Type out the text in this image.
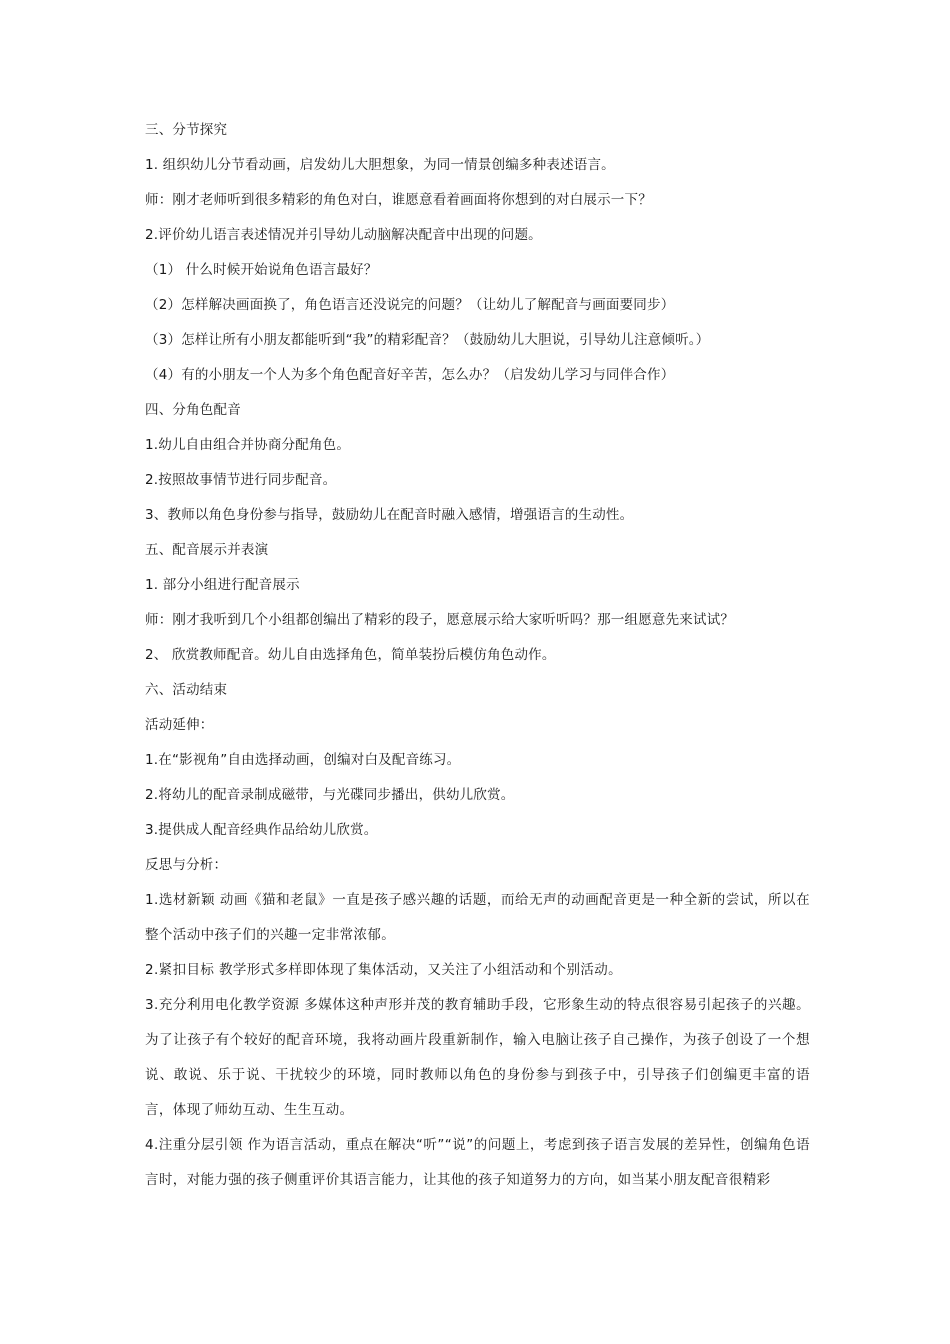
三、分节探究

1. 组织幼儿分节看动画，启发幼儿大胆想象，为同一情景创编多种表述语言。

师：刚才老师听到很多精彩的角色对白，谁愿意看着画面将你想到的对白展示一下？

2.评价幼儿语言表述情况并引导幼儿动脑解决配音中出现的问题。

（1） 什么时候开始说角色语言最好？

（2）怎样解决画面换了，角色语言还没说完的问题？（让幼儿了解配音与画面要同步）

（3）怎样让所有小朋友都能听到“我”的精彩配音？（鼓励幼儿大胆说，引导幼儿注意倾听。）

（4）有的小朋友一个人为多个角色配音好辛苦，怎么办？（启发幼儿学习与同伴合作）

四、分角色配音

1.幼儿自由组合并协商分配角色。

2.按照故事情节进行同步配音。

3、教师以角色身份参与指导，鼓励幼儿在配音时融入感情，增强语言的生动性。

五、配音展示并表演

1. 部分小组进行配音展示

师：刚才我听到几个小组都创编出了精彩的段子，愿意展示给大家听听吗？那一组愿意先来试试？

2、 欣赏教师配音。幼儿自由选择角色，简单装扮后模仿角色动作。

六、活动结束

活动延伸：

1.在“影视角”自由选择动画，创编对白及配音练习。

2.将幼儿的配音录制成磁带，与光碟同步播出，供幼儿欣赏。

3.提供成人配音经典作品给幼儿欣赏。

反思与分析：

1.选材新颖 动画《猫和老鼠》一直是孩子感兴趣的话题，而给无声的动画配音更是一种全新的尝试，所以在整个活动中孩子们的兴趣一定非常浓郁。

2.紧扣目标 教学形式多样即体现了集体活动，又关注了小组活动和个别活动。

3.充分利用电化教学资源 多媒体这种声形并茂的教育辅助手段，它形象生动的特点很容易引起孩子的兴趣。为了让孩子有个较好的配音环境，我将动画片段重新制作，输入电脑让孩子自己操作，为孩子创设了一个想说、敢说、乐于说、干扰较少的环境，同时教师以角色的身份参与到孩子中，引导孩子们创编更丰富的语言，体现了师幼互动、生生互动。

4.注重分层引领 作为语言活动，重点在解决“听”“说”的问题上，考虑到孩子语言发展的差异性，创编角色语言时，对能力强的孩子侧重评价其语言能力，让其他的孩子知道努力的方向，如当某小朋友配音很精彩
